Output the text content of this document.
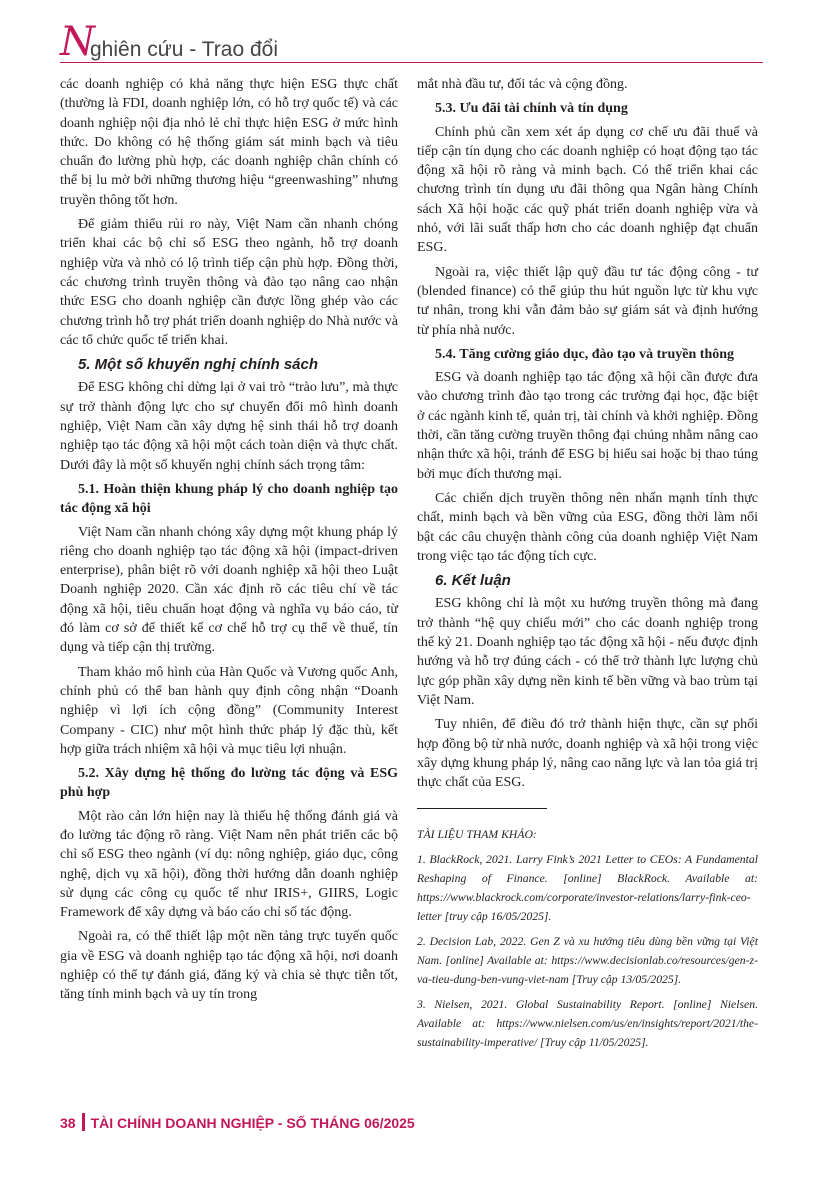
N
ghiên cứu - Trao đổi

các doanh nghiệp có khả năng thực hiện ESG thực chất (thường là FDI, doanh nghiệp lớn, có hỗ trợ quốc tế) và các doanh nghiệp nội địa nhỏ lẻ chỉ thực hiện ESG ở mức hình thức. Do không có hệ thống giám sát minh bạch và tiêu chuẩn đo lường phù hợp, các doanh nghiệp chân chính có thể bị lu mờ bởi những thương hiệu “greenwashing” nhưng truyền thông tốt hơn.

Để giảm thiểu rủi ro này, Việt Nam cần nhanh chóng triển khai các bộ chỉ số ESG theo ngành, hỗ trợ doanh nghiệp vừa và nhỏ có lộ trình tiếp cận phù hợp. Đồng thời, các chương trình truyền thông và đào tạo nâng cao nhận thức ESG cho doanh nghiệp cần được lồng ghép vào các chương trình hỗ trợ phát triển doanh nghiệp do Nhà nước và các tổ chức quốc tế triển khai.

5. Một số khuyến nghị chính sách

Để ESG không chỉ dừng lại ở vai trò “trào lưu”, mà thực sự trở thành động lực cho sự chuyển đổi mô hình doanh nghiệp, Việt Nam cần xây dựng hệ sinh thái hỗ trợ doanh nghiệp tạo tác động xã hội một cách toàn diện và thực chất. Dưới đây là một số khuyến nghị chính sách trọng tâm:

5.1. Hoàn thiện khung pháp lý cho doanh nghiệp tạo tác động xã hội

Việt Nam cần nhanh chóng xây dựng một khung pháp lý riêng cho doanh nghiệp tạo tác động xã hội (impact-driven enterprise), phân biệt rõ với doanh nghiệp xã hội theo Luật Doanh nghiệp 2020. Cần xác định rõ các tiêu chí về tác động xã hội, tiêu chuẩn hoạt động và nghĩa vụ báo cáo, từ đó làm cơ sở để thiết kế cơ chế hỗ trợ cụ thể về thuế, tín dụng và tiếp cận thị trường.

Tham khảo mô hình của Hàn Quốc và Vương quốc Anh, chính phủ có thể ban hành quy định công nhận “Doanh nghiệp vì lợi ích cộng đồng” (Community Interest Company - CIC) như một hình thức pháp lý đặc thù, kết hợp giữa trách nhiệm xã hội và mục tiêu lợi nhuận.

5.2. Xây dựng hệ thống đo lường tác động và ESG phù hợp

Một rào cản lớn hiện nay là thiếu hệ thống đánh giá và đo lường tác động rõ ràng. Việt Nam nên phát triển các bộ chỉ số ESG theo ngành (ví dụ: nông nghiệp, giáo dục, công nghệ, dịch vụ xã hội), đồng thời hướng dẫn doanh nghiệp sử dụng các công cụ quốc tế như IRIS+, GIIRS, Logic Framework để xây dựng và báo cáo chỉ số tác động.

Ngoài ra, có thể thiết lập một nền tảng trực tuyến quốc gia về ESG và doanh nghiệp tạo tác động xã hội, nơi doanh nghiệp có thể tự đánh giá, đăng ký và chia sẻ thực tiễn tốt, tăng tính minh bạch và uy tín trong

mắt nhà đầu tư, đối tác và cộng đồng.

5.3. Ưu đãi tài chính và tín dụng

Chính phủ cần xem xét áp dụng cơ chế ưu đãi thuế và tiếp cận tín dụng cho các doanh nghiệp có hoạt động tạo tác động xã hội rõ ràng và minh bạch. Có thể triển khai các chương trình tín dụng ưu đãi thông qua Ngân hàng Chính sách Xã hội hoặc các quỹ phát triển doanh nghiệp vừa và nhỏ, với lãi suất thấp hơn cho các doanh nghiệp đạt chuẩn ESG.

Ngoài ra, việc thiết lập quỹ đầu tư tác động công - tư (blended finance) có thể giúp thu hút nguồn lực từ khu vực tư nhân, trong khi vẫn đảm bảo sự giám sát và định hướng từ phía nhà nước.

5.4. Tăng cường giáo dục, đào tạo và truyền thông

ESG và doanh nghiệp tạo tác động xã hội cần được đưa vào chương trình đào tạo trong các trường đại học, đặc biệt ở các ngành kinh tế, quản trị, tài chính và khởi nghiệp. Đồng thời, cần tăng cường truyền thông đại chúng nhằm nâng cao nhận thức xã hội, tránh để ESG bị hiểu sai hoặc bị thao túng bởi mục đích thương mại.

Các chiến dịch truyền thông nên nhấn mạnh tính thực chất, minh bạch và bền vững của ESG, đồng thời làm nổi bật các câu chuyện thành công của doanh nghiệp Việt Nam trong việc tạo tác động tích cực.

6. Kết luận

ESG không chỉ là một xu hướng truyền thông mà đang trở thành “hệ quy chiếu mới” cho các doanh nghiệp trong thế kỷ 21. Doanh nghiệp tạo tác động xã hội - nếu được định hướng và hỗ trợ đúng cách - có thể trở thành lực lượng chủ lực góp phần xây dựng nền kinh tế bền vững và bao trùm tại Việt Nam.

Tuy nhiên, để điều đó trở thành hiện thực, cần sự phối hợp đồng bộ từ nhà nước, doanh nghiệp và xã hội trong việc xây dựng khung pháp lý, nâng cao năng lực và lan tỏa giá trị thực chất của ESG.

TÀI LIỆU THAM KHẢO:

1. BlackRock, 2021. Larry Fink’s 2021 Letter to CEOs: A Fundamental Reshaping of Finance. [online] BlackRock. Available at: https://www.blackrock.com/corporate/investor-relations/larry-fink-ceo-letter [truy cập 16/05/2025].

2. Decision Lab, 2022. Gen Z và xu hướng tiêu dùng bền vững tại Việt Nam. [online] Available at: https://www.decisionlab.co/resources/gen-z-va-tieu-dung-ben-vung-viet-nam [Truy cập 13/05/2025].

3. Nielsen, 2021. Global Sustainability Report. [online] Nielsen. Available at: https://www.nielsen.com/us/en/insights/report/2021/the-sustainability-imperative/ [Truy cập 11/05/2025].

38 TÀI CHÍNH DOANH NGHIỆP - SỐ THÁNG 06/2025
